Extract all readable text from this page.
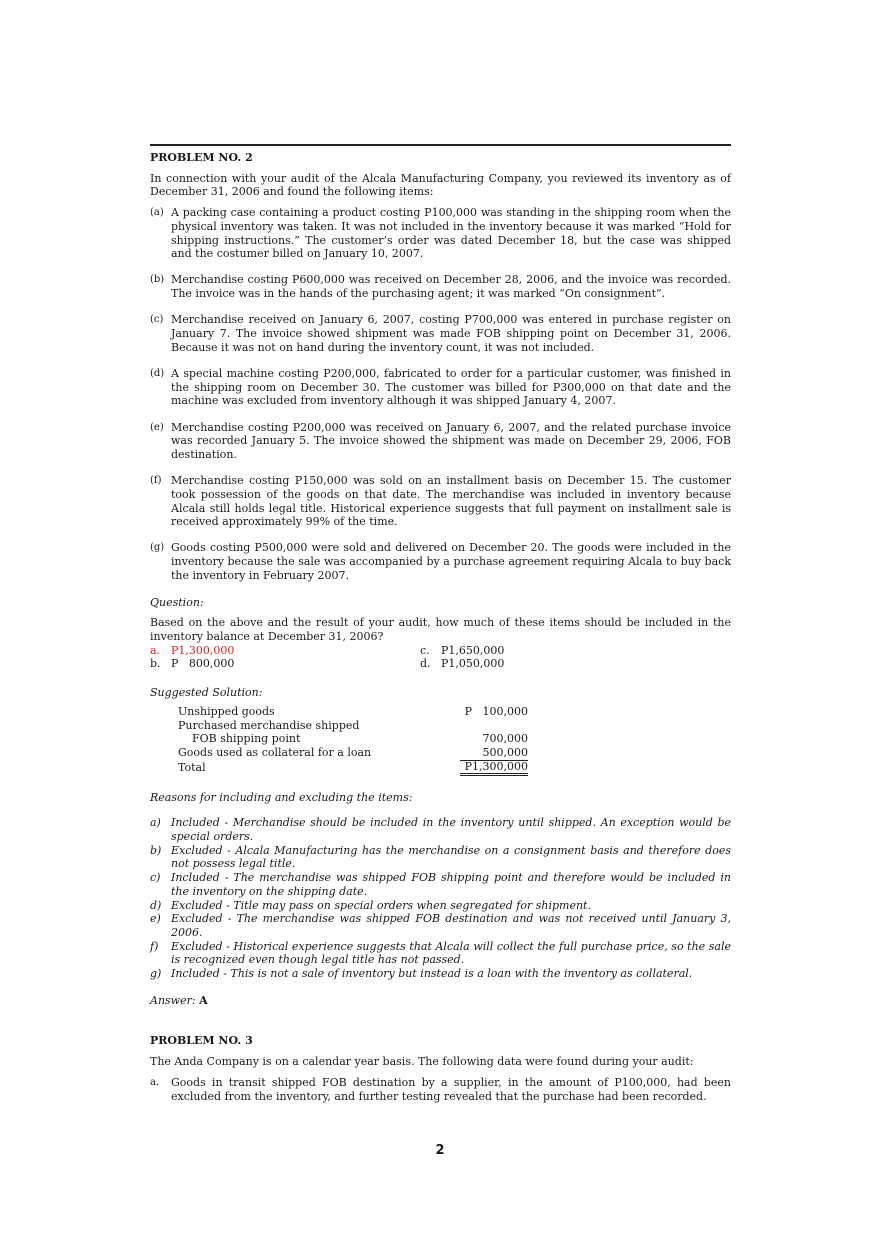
PROBLEM NO. 2
In connection with your audit of the Alcala Manufacturing Company, you reviewed its inventory as of December 31, 2006 and found the following items:
(a) A packing case containing a product costing P100,000 was standing in the shipping room when the physical inventory was taken. It was not included in the inventory because it was marked “Hold for shipping instructions.” The customer’s order was dated December 18, but the case was shipped and the costumer billed on January 10, 2007.
(b) Merchandise costing P600,000 was received on December 28, 2006, and the invoice was recorded. The invoice was in the hands of the purchasing agent; it was marked “On consignment”.
(c) Merchandise received on January 6, 2007, costing P700,000 was entered in purchase register on January 7. The invoice showed shipment was made FOB shipping point on December 31, 2006. Because it was not on hand during the inventory count, it was not included.
(d) A special machine costing P200,000, fabricated to order for a particular customer, was finished in the shipping room on December 30. The customer was billed for P300,000 on that date and the machine was excluded from inventory although it was shipped January 4, 2007.
(e) Merchandise costing P200,000 was received on January 6, 2007, and the related purchase invoice was recorded January 5. The invoice showed the shipment was made on December 29, 2006, FOB destination.
(f) Merchandise costing P150,000 was sold on an installment basis on December 15. The customer took possession of the goods on that date. The merchandise was included in inventory because Alcala still holds legal title. Historical experience suggests that full payment on installment sale is received approximately 99% of the time.
(g) Goods costing P500,000 were sold and delivered on December 20. The goods were included in the inventory because the sale was accompanied by a purchase agreement requiring Alcala to buy back the inventory in February 2007.
Question:
Based on the above and the result of your audit, how much of these items should be included in the inventory balance at December 31, 2006?
a. P1,300,000	c.	P1,650,000
b. P   800,000	d. P1,050,000
Suggested Solution:
Unshipped goods	P   100,000
Purchased merchandise shipped
FOB shipping point	700,000
Goods used as collateral for a loan	500,000
Total	P1,300,000
Reasons for including and excluding the items:
a) Included - Merchandise should be included in the inventory until shipped. An exception would be special orders.
b) Excluded - Alcala Manufacturing has the merchandise on a consignment basis and therefore does not possess legal title.
c) Included - The merchandise was shipped FOB shipping point and therefore would be included in the inventory on the shipping date.
d) Excluded - Title may pass on special orders when segregated for shipment.
e) Excluded - The merchandise was shipped FOB destination and was not received until January 3, 2006.
f)	Excluded - Historical experience suggests that Alcala will collect the full purchase price, so the sale is recognized even though legal title has not passed.
g) Included - This is not a sale of inventory but instead is a loan with the inventory as collateral.
Answer: A
PROBLEM NO. 3
The Anda Company is on a calendar year basis. The following data were found during your audit:
a.	Goods in transit shipped FOB destination by a supplier, in the amount of P100,000, had been excluded from the inventory, and further testing revealed that the purchase had been recorded.
2
